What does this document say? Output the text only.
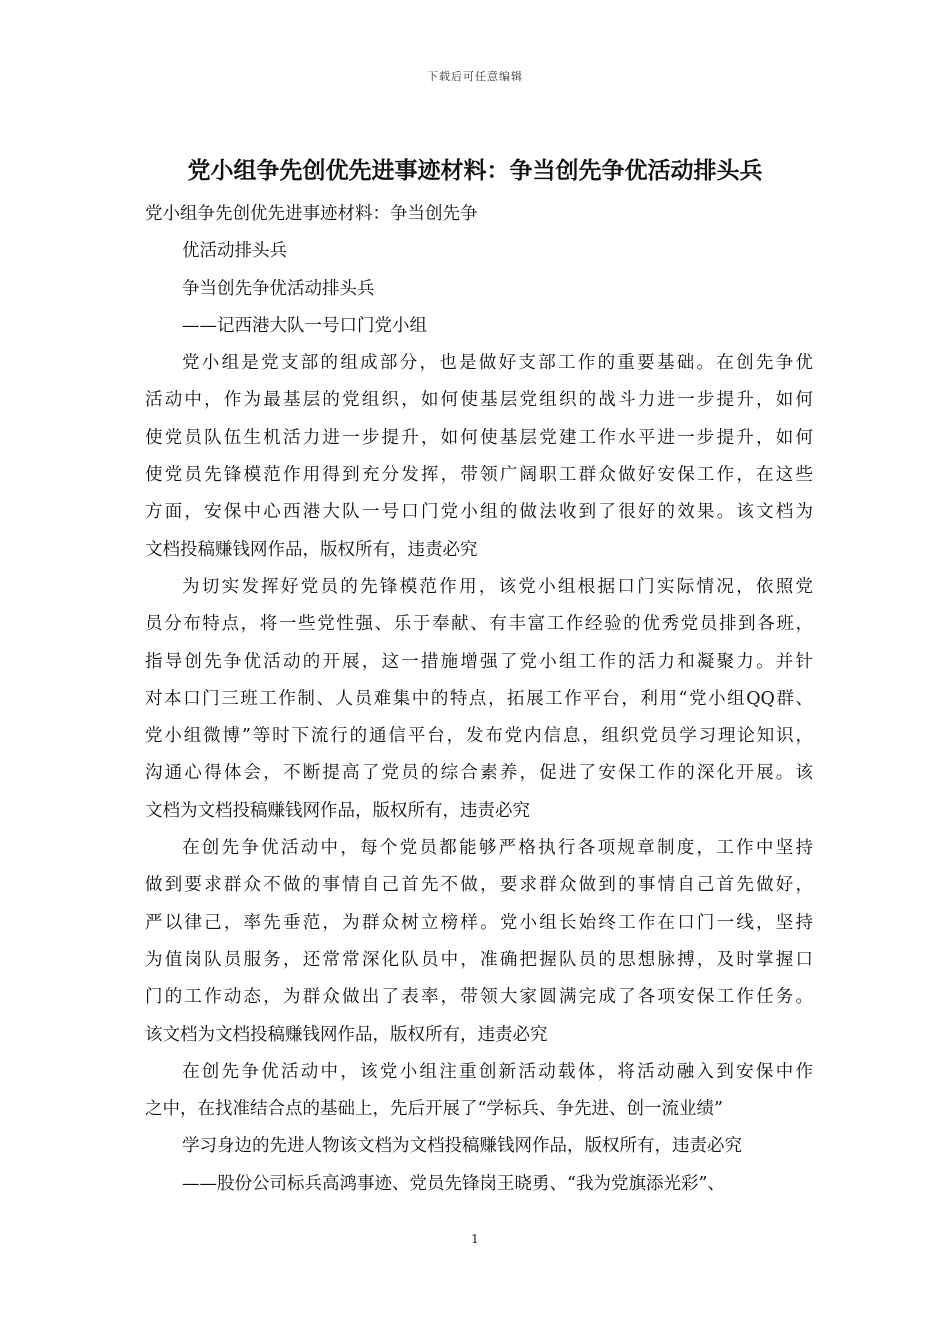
下载后可任意编辑
党小组争先创优先进事迹材料：争当创先争优活动排头兵
党小组争先创优先进事迹材料：争当创先争
优活动排头兵
争当创先争优活动排头兵
——记西港大队一号口门党小组
党小组是党支部的组成部分，也是做好支部工作的重要基础。在创先争优
活动中，作为最基层的党组织，如何使基层党组织的战斗力进一步提升，如何
使党员队伍生机活力进一步提升，如何使基层党建工作水平进一步提升，如何
使党员先锋模范作用得到充分发挥，带领广阔职工群众做好安保工作，在这些
方面，安保中心西港大队一号口门党小组的做法收到了很好的效果。该文档为
文档投稿赚钱网作品，版权所有，违责必究
为切实发挥好党员的先锋模范作用，该党小组根据口门实际情况，依照党
员分布特点，将一些党性强、乐于奉献、有丰富工作经验的优秀党员排到各班，
指导创先争优活动的开展，这一措施增强了党小组工作的活力和凝聚力。并针
对本口门三班工作制、人员难集中的特点，拓展工作平台，利用“党小组QQ群、
党小组微博”等时下流行的通信平台，发布党内信息，组织党员学习理论知识，
沟通心得体会，不断提高了党员的综合素养，促进了安保工作的深化开展。该
文档为文档投稿赚钱网作品，版权所有，违责必究
在创先争优活动中，每个党员都能够严格执行各项规章制度，工作中坚持
做到要求群众不做的事情自己首先不做，要求群众做到的事情自己首先做好，
严以律己，率先垂范，为群众树立榜样。党小组长始终工作在口门一线，坚持
为值岗队员服务，还常常深化队员中，准确把握队员的思想脉搏，及时掌握口
门的工作动态，为群众做出了表率，带领大家圆满完成了各项安保工作任务。
该文档为文档投稿赚钱网作品，版权所有，违责必究
在创先争优活动中，该党小组注重创新活动载体，将活动融入到安保中作
之中，在找准结合点的基础上，先后开展了“学标兵、争先进、创一流业绩”
学习身边的先进人物该文档为文档投稿赚钱网作品，版权所有，违责必究
——股份公司标兵高鸿事迹、党员先锋岗王晓勇、“我为党旗添光彩”、
1
